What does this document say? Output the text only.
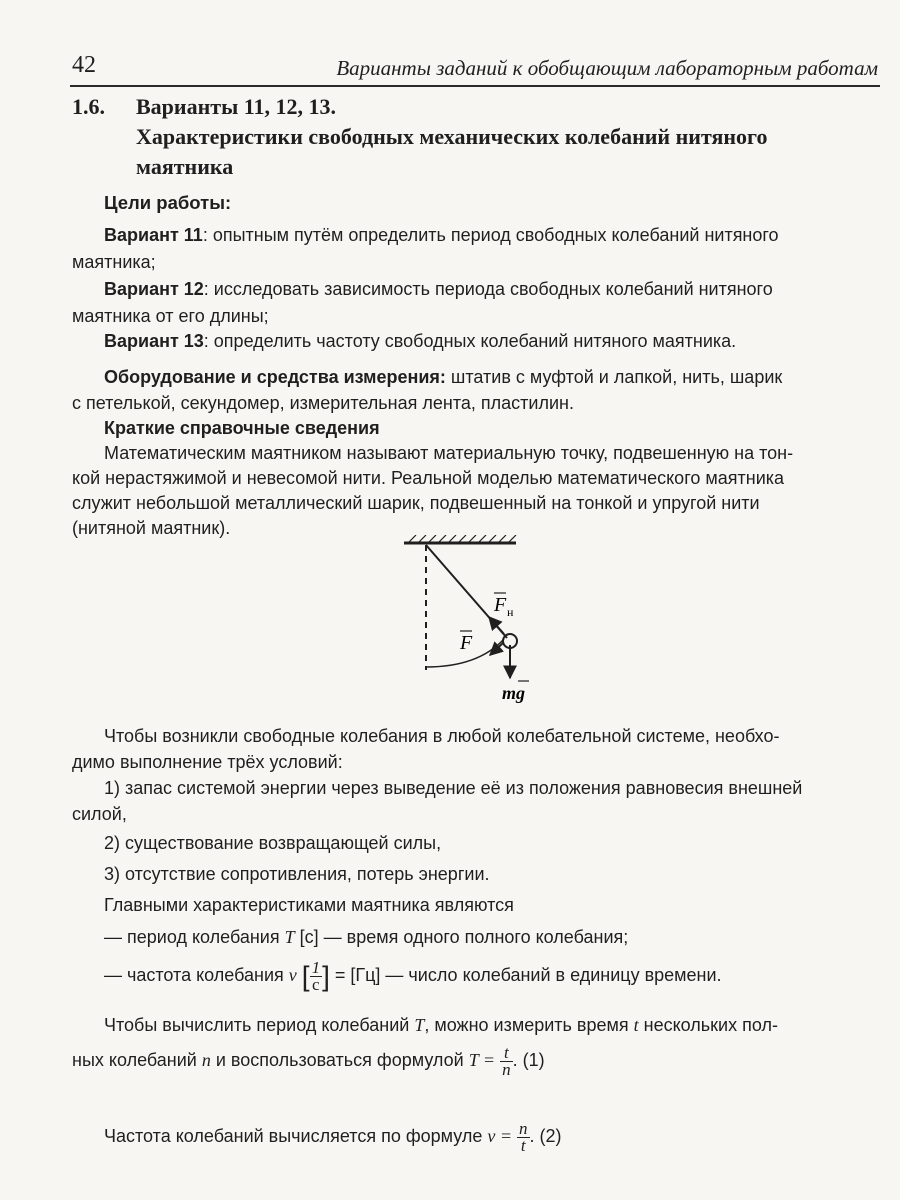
42	Варианты заданий к обобщающим лабораторным работам
1.6. Варианты 11, 12, 13.
Характеристики свободных механических колебаний нитяного
маятника
Цели работы:
Вариант 11: опытным путём определить период свободных колебаний нитяного
маятника;
Вариант 12: исследовать зависимость периода свободных колебаний нитяного
маятника от его длины;
Вариант 13: определить частоту свободных колебаний нитяного маятника.
Оборудование и средства измерения: штатив с муфтой и лапкой, нить, шарик
с петелькой, секундомер, измерительная лента, пластилин.
Краткие справочные сведения
Математическим маятником называют материальную точку, подвешенную на тон-
кой нерастяжимой и невесомой нити. Реальной моделью математического маятника
служит небольшой металлический шарик, подвешенный на тонкой и упругой нити
(нитяной маятник).
F н
F
mg
Чтобы возникли свободные колебания в любой колебательной системе, необхо-
димо выполнение трёх условий:
1) запас системой энергии через выведение её из положения равновесия внешней
силой,
2) существование возвращающей силы,
3) отсутствие сопротивления, потерь энергии.
Главными характеристиками маятника являются
— период колебания T [с] — время одного полного колебания;
— частота колебания ν [ $\frac{1}{с}$ ] = [Гц] — число колебаний в единицу времени.
Чтобы вычислить период колебаний T, можно измерить время t нескольких пол-
ных колебаний n и воспользоваться формулой $T = \frac{t}{n}$ . (1)
Частота колебаний вычисляется по формуле $\nu = \frac{n}{t}$ . (2)
